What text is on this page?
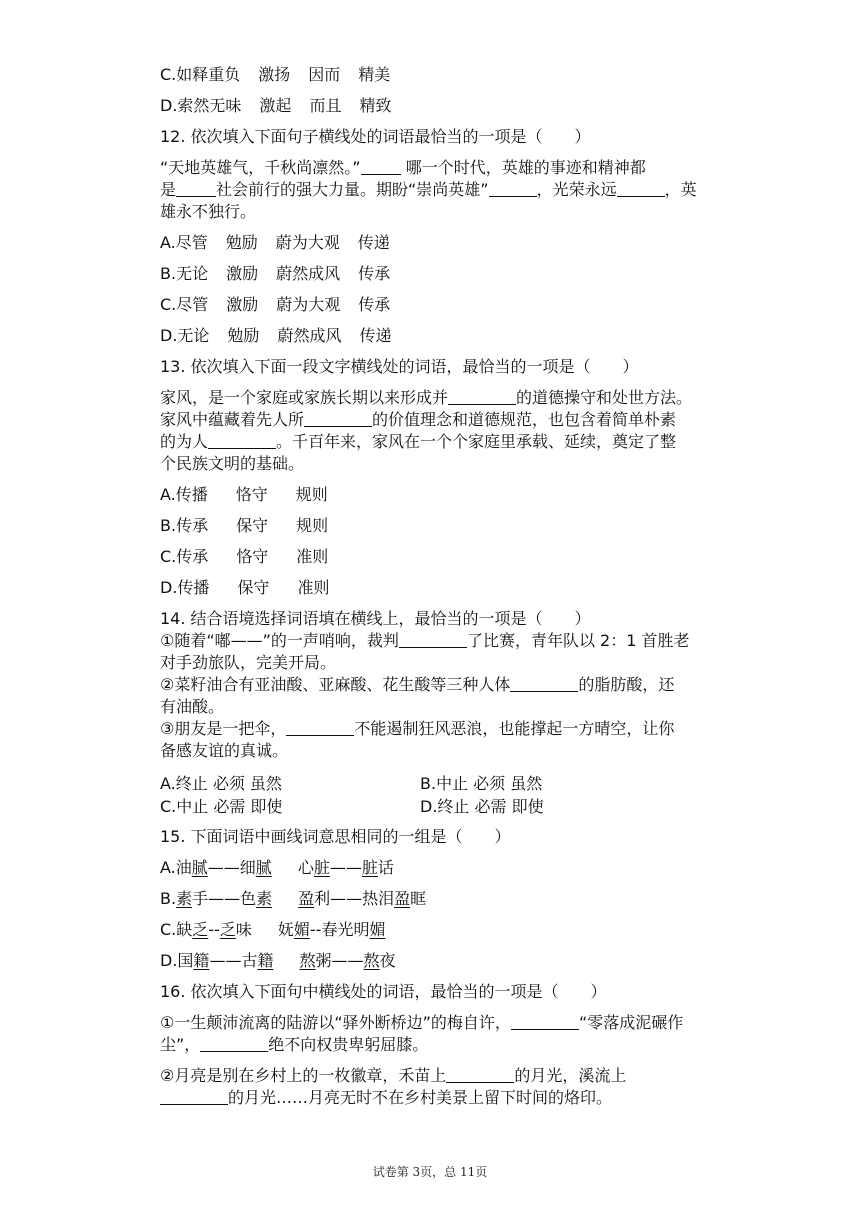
C.如释重负 激扬 因而 精美
D.索然无味 激起 而且 精致
12. 依次填入下面句子横线处的词语最恰当的一项是（　　）
“天地英雄气，千秋尚凛然。”	哪一个时代，英雄的事迹和精神都
是	社会前行的强大力量。期盼“崇尚英雄”	，光荣永远	，英
雄永不独行。
A.尽管 勉励 蔚为大观 传递
B.无论 激励 蔚然成风 传承
C.尽管 激励 蔚为大观 传承
D.无论 勉励 蔚然成风 传递
13. 依次填入下面一段文字横线处的词语，最恰当的一项是（　　）
家风，是一个家庭或家族长期以来形成并	的道德操守和处世方法。
家风中蕴藏着先人所	的价值理念和道德规范，也包含着简单朴素
的为人	。千百年来，家风在一个个家庭里承载、延续，奠定了整
个民族文明的基础。
A.传播 恪守 规则
B.传承 保守 规则
C.传承 恪守 准则
D.传播 保守 准则
14. 结合语境选择词语填在横线上，最恰当的一项是（　　）
①随着“嘟——”的一声哨响，裁判	了比赛，青年队以 2：1 首胜老
对手劲旅队，完美开局。
②菜籽油合有亚油酸、亚麻酸、花生酸等三种人体	的脂肪酸，还
有油酸。
③朋友是一把伞，	不能遏制狂风恶浪，也能撑起一方晴空，让你
备感友谊的真诚。
A.终止 必须 虽然	B.中止 必须 虽然
C.中止 必需 即使	D.终止 必需 即使
15. 下面词语中画线词意思相同的一组是（　　）
A.油腻——细腻 心脏——脏话
B.素手——色素 盈利——热泪盈眶
C.缺乏--乏味 妩媚--春光明媚
D.国籍——古籍 熬粥——熬夜
16. 依次填入下面句中横线处的词语，最恰当的一项是（　　）
①一生颠沛流离的陆游以“驿外断桥边”的梅自许，	“零落成泥碾作
尘”，	绝不向权贵卑躬屈膝。
②月亮是别在乡村上的一枚徽章，禾苗上	的月光，溪流上
的月光……月亮无时不在乡村美景上留下时间的烙印。
试卷第 3页，总 11页
